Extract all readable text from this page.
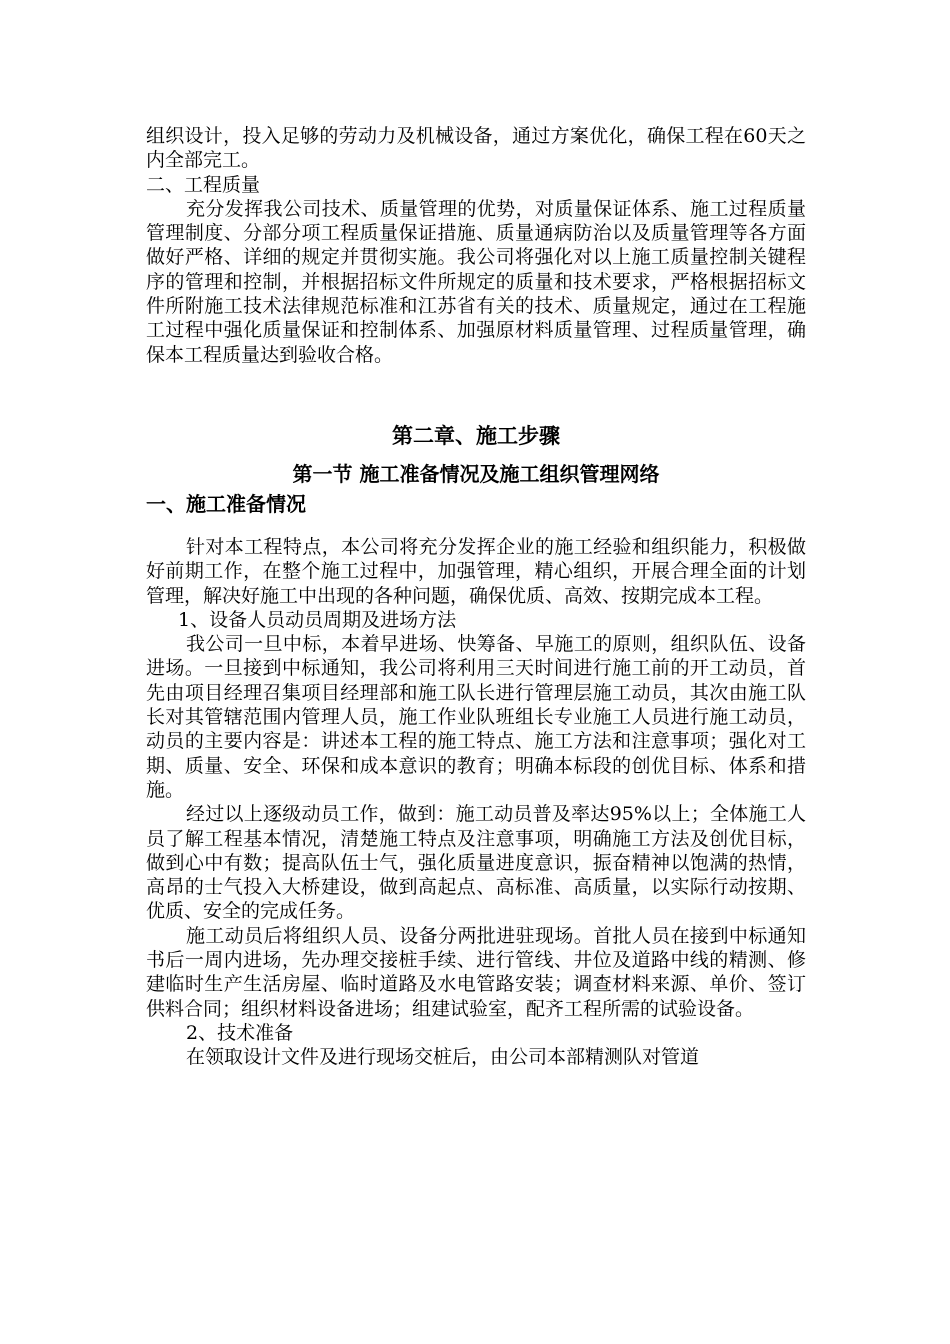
组织设计，投入足够的劳动力及机械设备，通过方案优化，确保工程在60天之内全部完工。

二、工程质量

充分发挥我公司技术、质量管理的优势，对质量保证体系、施工过程质量管理制度、分部分项工程质量保证措施、质量通病防治以及质量管理等各方面做好严格、详细的规定并贯彻实施。我公司将强化对以上施工质量控制关键程序的管理和控制，并根据招标文件所规定的质量和技术要求，严格根据招标文件所附施工技术法律规范标准和江苏省有关的技术、质量规定，通过在工程施工过程中强化质量保证和控制体系、加强原材料质量管理、过程质量管理，确保本工程质量达到验收合格。

第二章、施工步骤
第一节 施工准备情况及施工组织管理网络
一、施工准备情况

针对本工程特点，本公司将充分发挥企业的施工经验和组织能力，积极做好前期工作，在整个施工过程中，加强管理，精心组织，开展合理全面的计划管理，解决好施工中出现的各种问题，确保优质、高效、按期完成本工程。

1、设备人员动员周期及进场方法

我公司一旦中标，本着早进场、快筹备、早施工的原则，组织队伍、设备进场。一旦接到中标通知，我公司将利用三天时间进行施工前的开工动员，首先由项目经理召集项目经理部和施工队长进行管理层施工动员，其次由施工队长对其管辖范围内管理人员，施工作业队班组长专业施工人员进行施工动员，动员的主要内容是：讲述本工程的施工特点、施工方法和注意事项；强化对工期、质量、安全、环保和成本意识的教育；明确本标段的创优目标、体系和措施。

经过以上逐级动员工作，做到：施工动员普及率达95%以上；全体施工人员了解工程基本情况，清楚施工特点及注意事项，明确施工方法及创优目标，做到心中有数；提高队伍士气，强化质量进度意识，振奋精神以饱满的热情，高昂的士气投入大桥建设，做到高起点、高标准、高质量，以实际行动按期、优质、安全的完成任务。

施工动员后将组织人员、设备分两批进驻现场。首批人员在接到中标通知书后一周内进场，先办理交接桩手续、进行管线、井位及道路中线的精测、修建临时生产生活房屋、临时道路及水电管路安装；调查材料来源、单价、签订供料合同；组织材料设备进场；组建试验室，配齐工程所需的试验设备。

2、技术准备

在领取设计文件及进行现场交桩后，由公司本部精测队对管道
